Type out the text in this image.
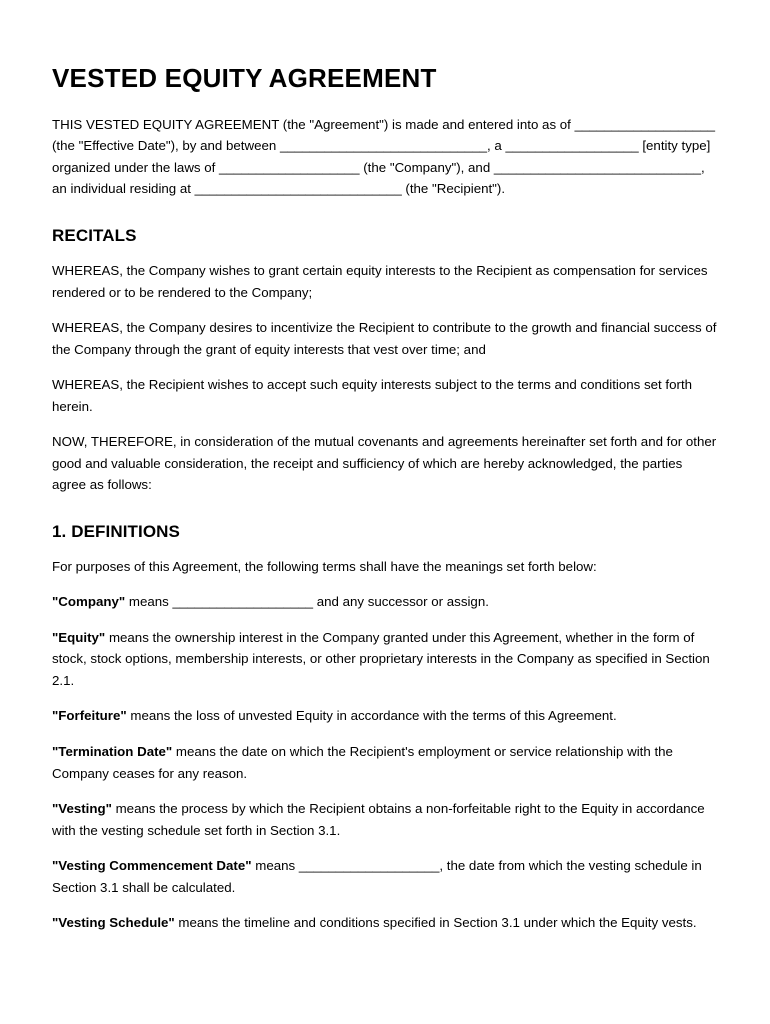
VESTED EQUITY AGREEMENT

THIS VESTED EQUITY AGREEMENT (the "Agreement") is made and entered into as of ___________________ (the "Effective Date"), by and between ____________________________, a __________________ [entity type] organized under the laws of ___________________ (the "Company"), and ____________________________, an individual residing at ____________________________ (the "Recipient").

RECITALS

WHEREAS, the Company wishes to grant certain equity interests to the Recipient as compensation for services rendered or to be rendered to the Company;

WHEREAS, the Company desires to incentivize the Recipient to contribute to the growth and financial success of the Company through the grant of equity interests that vest over time; and

WHEREAS, the Recipient wishes to accept such equity interests subject to the terms and conditions set forth herein.

NOW, THEREFORE, in consideration of the mutual covenants and agreements hereinafter set forth and for other good and valuable consideration, the receipt and sufficiency of which are hereby acknowledged, the parties agree as follows:

1. DEFINITIONS

For purposes of this Agreement, the following terms shall have the meanings set forth below:

"Company" means ___________________ and any successor or assign.

"Equity" means the ownership interest in the Company granted under this Agreement, whether in the form of stock, stock options, membership interests, or other proprietary interests in the Company as specified in Section 2.1.

"Forfeiture" means the loss of unvested Equity in accordance with the terms of this Agreement.

"Termination Date" means the date on which the Recipient's employment or service relationship with the Company ceases for any reason.

"Vesting" means the process by which the Recipient obtains a non-forfeitable right to the Equity in accordance with the vesting schedule set forth in Section 3.1.

"Vesting Commencement Date" means ___________________, the date from which the vesting schedule in Section 3.1 shall be calculated.

"Vesting Schedule" means the timeline and conditions specified in Section 3.1 under which the Equity vests.
